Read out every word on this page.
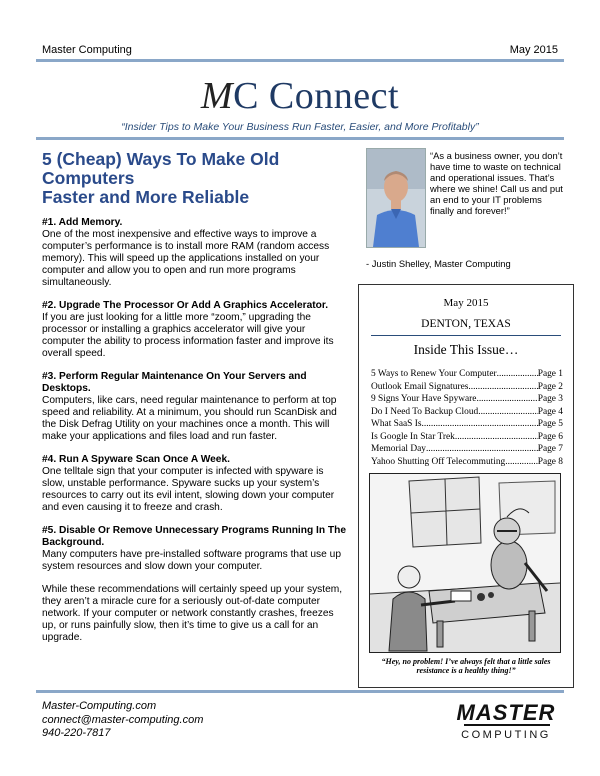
Master Computing	May 2015
MC Connect
“Insider Tips to Make Your Business Run Faster, Easier, and More Profitably”
5 (Cheap) Ways To Make Old
Computers
Faster and More Reliable

#1. Add Memory.

One of the most inexpensive and effective ways to improve a computer’s performance is to install more RAM (random access memory). This will speed up the applications installed on your computer and allow you to open and run more programs simultaneously.

#2. Upgrade The Processor Or Add A Graphics Accelerator.

If you are just looking for a little more “zoom,” upgrading the processor or installing a graphics accelerator will give your computer the ability to process information faster and improve its overall speed.

#3. Perform Regular Maintenance On Your Servers and Desktops.

Computers, like cars, need regular maintenance to perform at top speed and reliability. At a minimum, you should run ScanDisk and the Disk Defrag Utility on your machines once a month. This will make your applications and files load and run faster.

#4. Run A Spyware Scan Once A Week.

One telltale sign that your computer is infected with spyware is slow, unstable performance. Spyware sucks up your system’s resources to carry out its evil intent, slowing down your computer and even causing it to freeze and crash.

#5. Disable Or Remove Unnecessary Programs Running In The Background.

Many computers have pre-installed software programs that use up system resources and slow down your computer.

While these recommendations will certainly speed up your system, they aren’t a miracle cure for a seriously out-of-date computer network. If your computer or network constantly crashes, freezes up, or runs painfully slow, then it’s time to give us a call for an upgrade.

“As a business owner, you don’t have time to waste on technical and operational issues. That’s where we shine! Call us and put an end to your IT problems finally and forever!”
- Justin Shelley, Master Computing
May 2015
DENTON, TEXAS
Inside This Issue…
5 Ways to Renew Your Computer .....	Page 1
Outlook Email Signatures .....	Page 2
9 Signs Your Have Spyware .....	Page 3
Do I Need To Backup Cloud .....	Page 4
What SaaS Is .....	Page 5
Is Google In Star Trek .....	Page 6
Memorial Day .....	Page 7
Yahoo Shutting Off Telecommuting .....	Page 8
“Hey, no problem! I’ve always felt that a little sales resistance is a healthy thing!”
Master-Computing.com
connect@master-computing.com
940-220-7817
MASTER
COMPUTING
